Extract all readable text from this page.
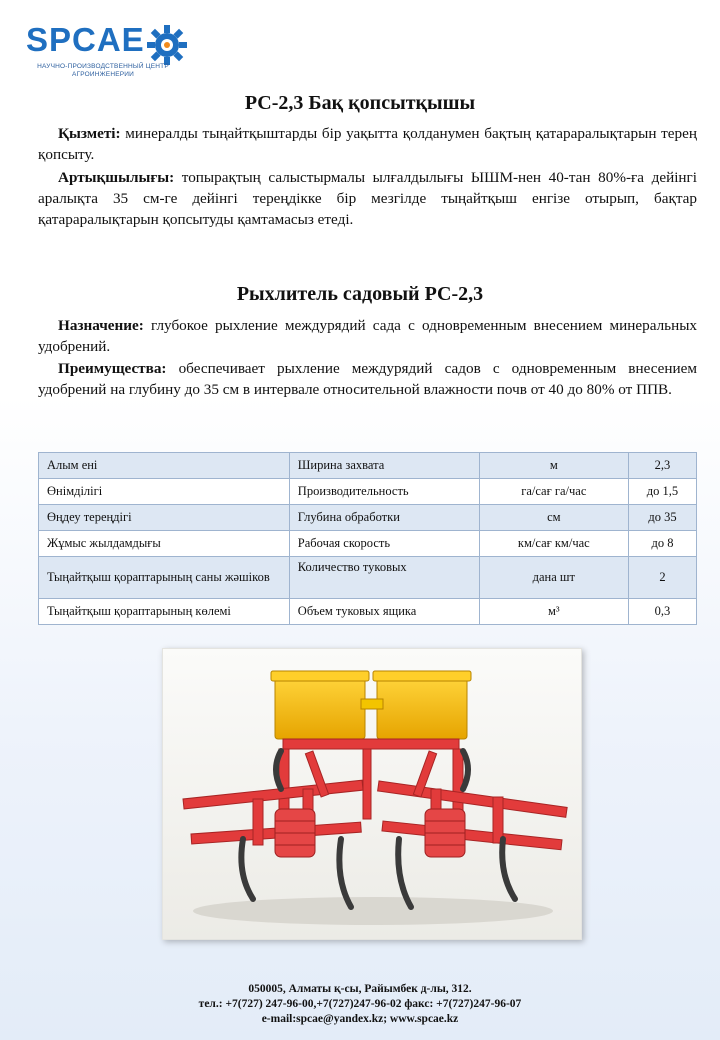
SPCAE
НАУЧНО-ПРОИЗВОДСТВЕННЫЙ ЦЕНТР
АГРОИНЖЕНЕРИИ
РС-2,3 Бақ қопсытқышы

Қызметі: минералды тыңайтқыштарды бір уақытта қолданумен бақтың қатараралықтарын терең қопсыту.

Артықшылығы: топырақтың салыстырмалы ылғалдылығы ЫШМ-нен 40-тан 80%-ға дейінгі аралықта 35 см-ге дейінгі тереңдікке бір мезгілде тыңайтқыш енгізе отырып, бақтар қатараралықтарын қопсытуды қамтамасыз етеді.

Рыхлитель садовый РС-2,3

Назначение: глубокое рыхление междурядий сада с одновременным внесением минеральных удобрений.

Преимущества: обеспечивает рыхление междурядий садов с одновременным внесением удобрений на глубину до 35 см в интервале относительной влажности почв от 40 до 80% от ППВ.

Алым ені	Ширина захвата	м	2,3
Өнімділігі	Производительность	га/сағ га/час	до 1,5
Өңдеу тереңдігі	Глубина обработки	см	до 35
Жұмыс жылдамдығы	Рабочая скорость	км/сағ км/час	до 8
Тыңайтқыш қораптарының саны жәшіков	Количество туковых	дана шт	2
Тыңайтқыш қораптарының көлемі	Объем туковых ящика	м³	0,3
050005, Алматы қ-сы, Райымбек д-лы, 312.
тел.: +7(727) 247-96-00,+7(727)247-96-02 факс: +7(727)247-96-07
e-mail:spcae@yandex.kz; www.spcae.kz
